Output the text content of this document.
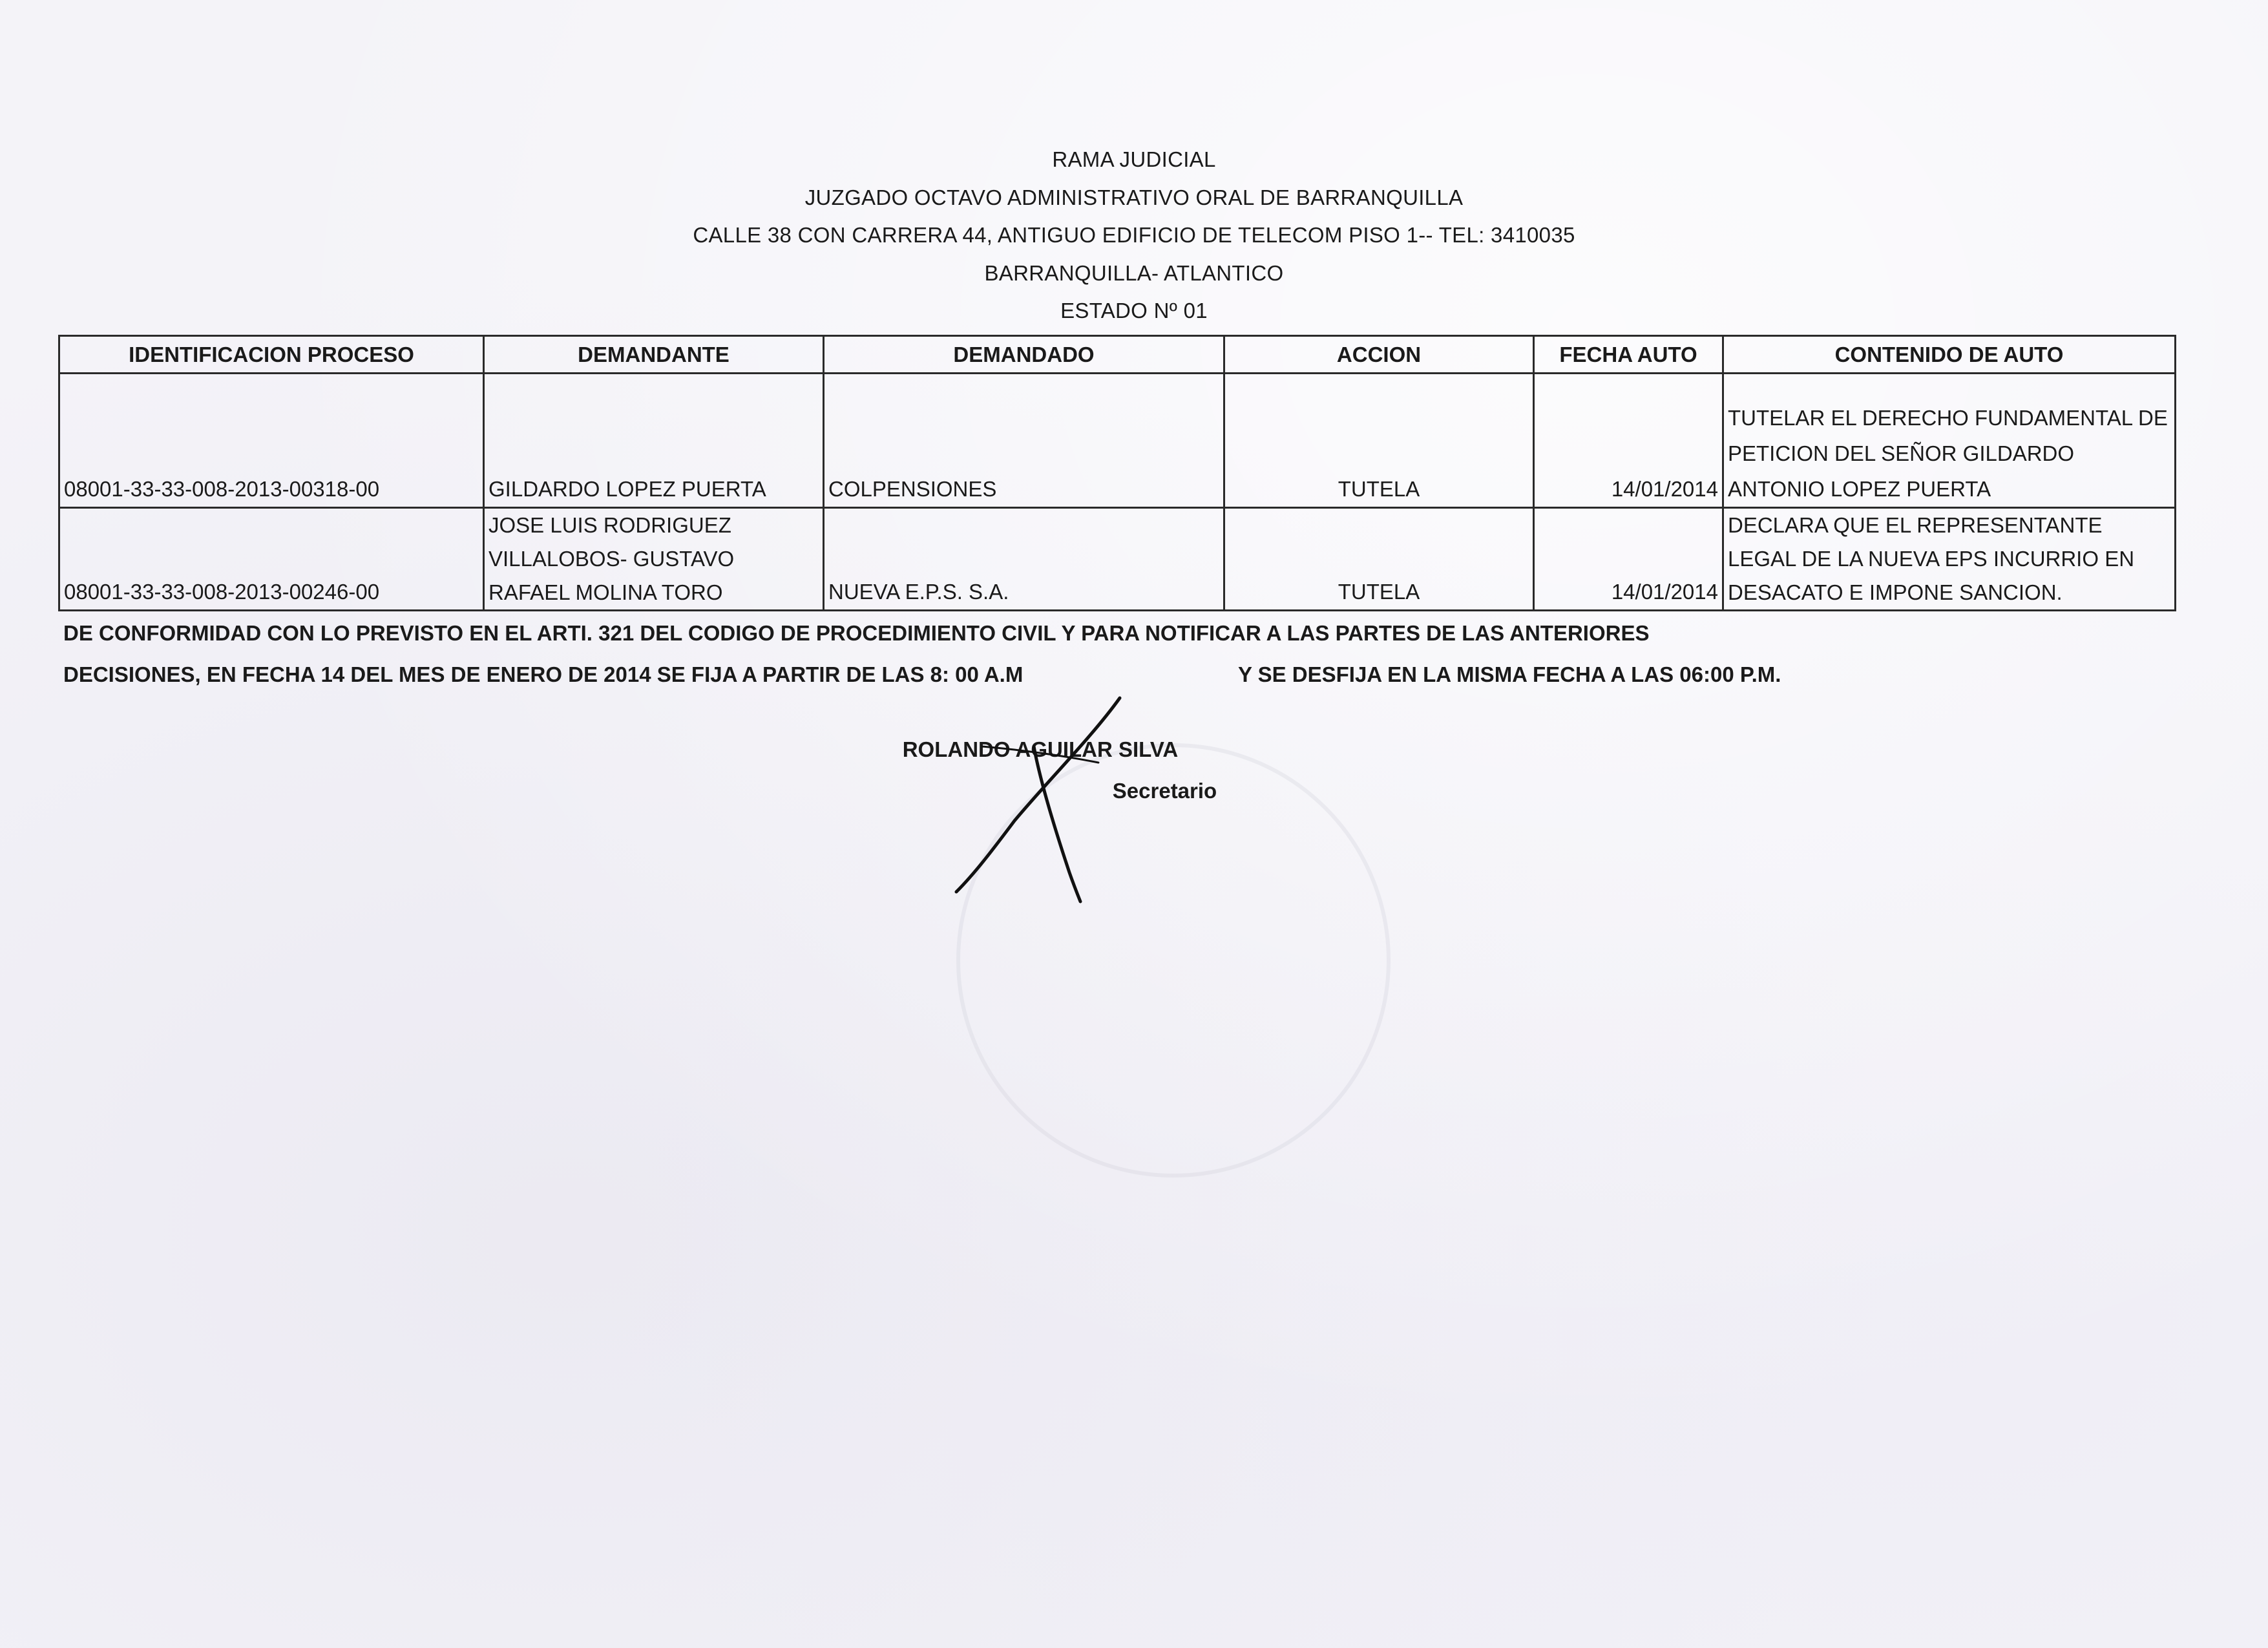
RAMA JUDICIAL
JUZGADO OCTAVO ADMINISTRATIVO ORAL DE BARRANQUILLA
CALLE 38 CON CARRERA 44, ANTIGUO EDIFICIO DE TELECOM PISO 1-- TEL: 3410035
BARRANQUILLA- ATLANTICO
ESTADO Nº 01
IDENTIFICACION PROCESO	DEMANDANTE	DEMANDADO	ACCION	FECHA AUTO	CONTENIDO DE AUTO
08001-33-33-008-2013-00318-00	GILDARDO LOPEZ PUERTA	COLPENSIONES	TUTELA	14/01/2014	TUTELAR EL DERECHO FUNDAMENTAL DE PETICION DEL SEÑOR GILDARDO ANTONIO LOPEZ PUERTA
08001-33-33-008-2013-00246-00	JOSE LUIS RODRIGUEZ VILLALOBOS- GUSTAVO RAFAEL MOLINA TORO	NUEVA E.P.S. S.A.	TUTELA	14/01/2014	DECLARA QUE EL REPRESENTANTE LEGAL DE LA NUEVA EPS INCURRIO EN DESACATO E IMPONE SANCION.
DE CONFORMIDAD CON LO PREVISTO EN EL ARTI. 321 DEL CODIGO DE PROCEDIMIENTO CIVIL Y PARA NOTIFICAR A LAS PARTES DE LAS ANTERIORES
DECISIONES, EN FECHA 14 DEL MES DE ENERO DE 2014 SE FIJA A PARTIR DE LAS 8: 00 A.M	Y SE DESFIJA EN LA MISMA FECHA A LAS 06:00 P.M.
ROLANDO AGUILAR SILVA
Secretario
